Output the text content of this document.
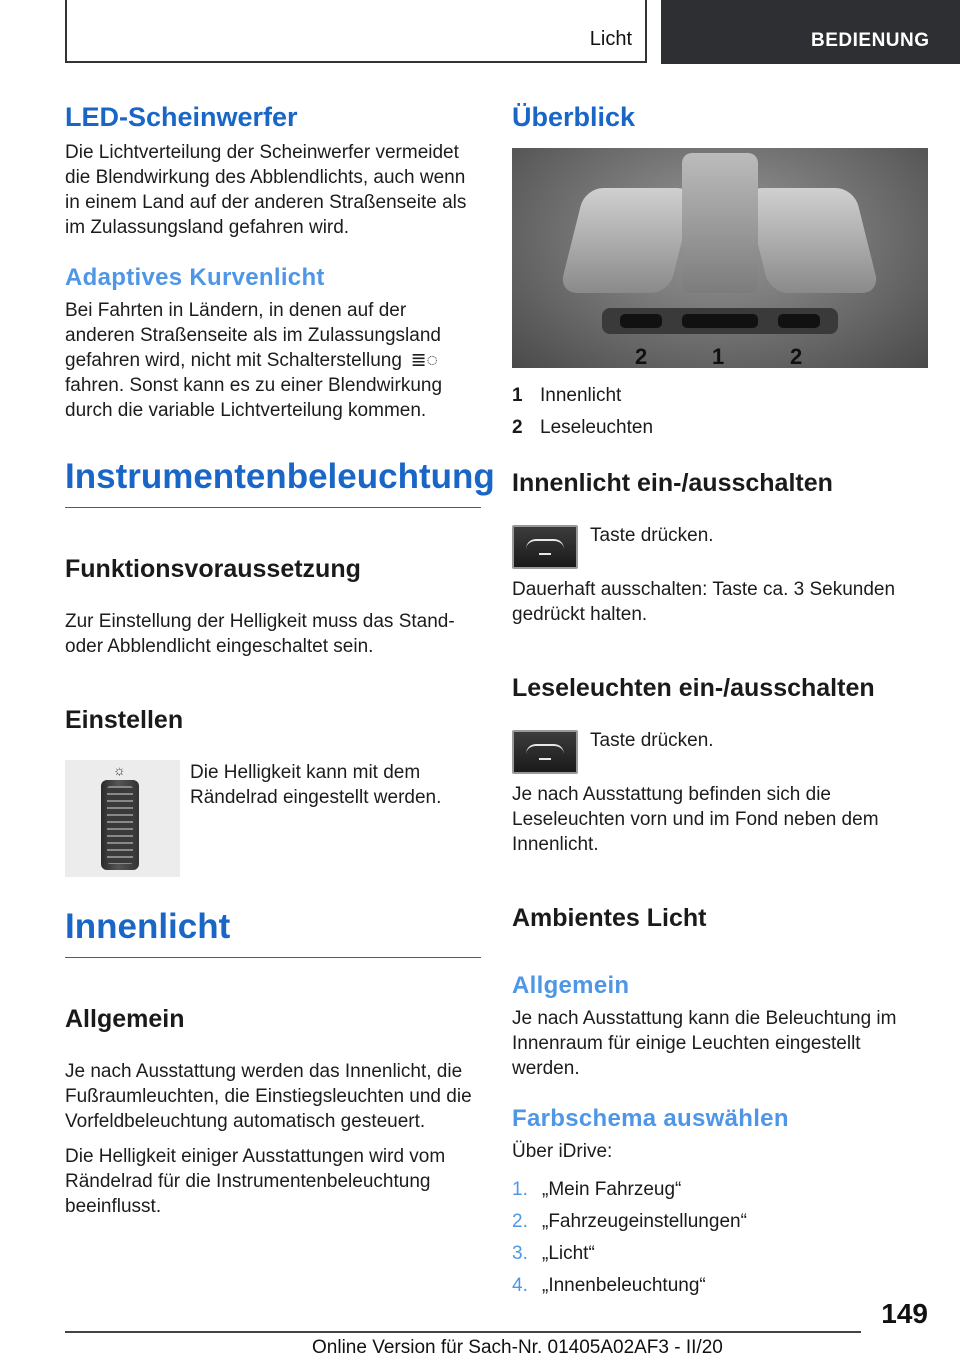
Licht	BEDIENUNG
LED-Scheinwerfer

Die Lichtverteilung der Scheinwerfer vermeidet die Blendwirkung des Abblendlichts, auch wenn in einem Land auf der anderen Straßenseite als im Zulassungsland gefahren wird.

Adaptives Kurvenlicht

Bei Fahrten in Ländern, in denen auf der anderen Straßenseite als im Zulassungsland gefahren wird, nicht mit Schalterstellung ≣◌ fahren. Sonst kann es zu einer Blendwirkung durch die variable Lichtverteilung kommen.

Instrumentenbeleuchtung
Funktionsvoraussetzung

Zur Einstellung der Helligkeit muss das Stand- oder Abblendlicht eingeschaltet sein.

Einstellen
☼	Die Helligkeit kann mit dem Rändelrad eingestellt werden.

Innenlicht
Allgemein

Je nach Ausstattung werden das Innenlicht, die Fußraumleuchten, die Einstiegsleuchten und die Vorfeldbeleuchtung automatisch gesteuert.

Die Helligkeit einiger Ausstattungen wird vom Rändelrad für die Instrumentenbeleuchtung beeinflusst.

Überblick
2	1	2
1 Innenlicht
2 Leseleuchten
Innenlicht ein-/ausschalten

Taste drücken.

Dauerhaft ausschalten: Taste ca. 3 Sekunden gedrückt halten.

Leseleuchten ein-/ausschalten

Taste drücken.

Je nach Ausstattung befinden sich die Leseleuchten vorn und im Fond neben dem Innenlicht.

Ambientes Licht
Allgemein

Je nach Ausstattung kann die Beleuchtung im Innenraum für einige Leuchten eingestellt werden.

Farbschema auswählen

Über iDrive:

1. „Mein Fahrzeug“
2. „Fahrzeugeinstellungen“
3. „Licht“
4. „Innenbeleuchtung“
149
Online Version für Sach-Nr. 01405A02AF3 - II/20
